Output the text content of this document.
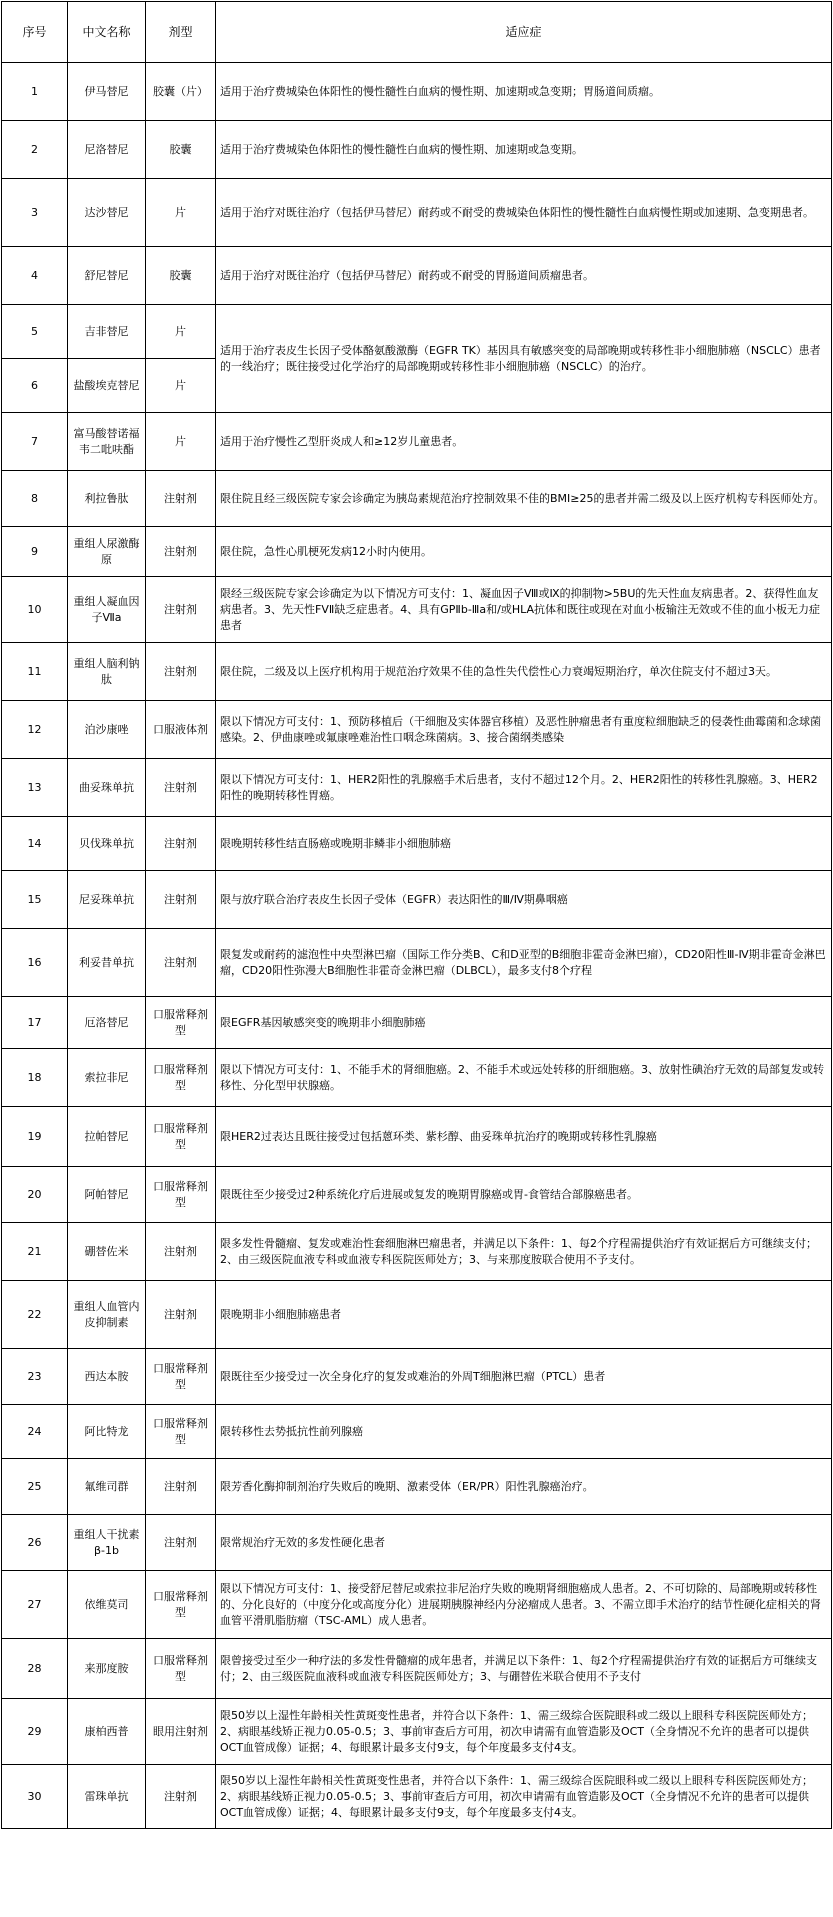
序号	中文名称	剂型	适应症
1	伊马替尼	胶囊（片）	适用于治疗费城染色体阳性的慢性髓性白血病的慢性期、加速期或急变期；胃肠道间质瘤。
2	尼洛替尼	胶囊	适用于治疗费城染色体阳性的慢性髓性白血病的慢性期、加速期或急变期。
3	达沙替尼	片	适用于治疗对既往治疗（包括伊马替尼）耐药或不耐受的费城染色体阳性的慢性髓性白血病慢性期或加速期、急变期患者。
4	舒尼替尼	胶囊	适用于治疗对既往治疗（包括伊马替尼）耐药或不耐受的胃肠道间质瘤患者。
5	吉非替尼	片	适用于治疗表皮生长因子受体酪氨酸激酶（EGFR TK）基因具有敏感突变的局部晚期或转移性非小细胞肺癌（NSCLC）患者的一线治疗；既往接受过化学治疗的局部晚期或转移性非小细胞肺癌（NSCLC）的治疗。
6	盐酸埃克替尼	片	
7	富马酸替诺福韦二吡呋酯	片	适用于治疗慢性乙型肝炎成人和≥12岁儿童患者。
8	利拉鲁肽	注射剂	限住院且经三级医院专家会诊确定为胰岛素规范治疗控制效果不佳的BMI≥25的患者并需二级及以上医疗机构专科医师处方。
9	重组人尿激酶原	注射剂	限住院，急性心肌梗死发病12小时内使用。
10	重组人凝血因子Ⅶa	注射剂	限经三级医院专家会诊确定为以下情况方可支付：1、凝血因子Ⅷ或Ⅸ的抑制物>5BU的先天性血友病患者。2、获得性血友病患者。3、先天性FVⅡ缺乏症患者。4、具有GPⅡb-Ⅲa和/或HLA抗体和既往或现在对血小板输注无效或不佳的血小板无力症患者
11	重组人脑利钠肽	注射剂	限住院，二级及以上医疗机构用于规范治疗效果不佳的急性失代偿性心力衰竭短期治疗，单次住院支付不超过3天。
12	泊沙康唑	口服液体剂	限以下情况方可支付：1、预防移植后（干细胞及实体器官移植）及恶性肿瘤患者有重度粒细胞缺乏的侵袭性曲霉菌和念球菌感染。2、伊曲康唑或氟康唑难治性口咽念珠菌病。3、接合菌纲类感染
13	曲妥珠单抗	注射剂	限以下情况方可支付：1、HER2阳性的乳腺癌手术后患者，支付不超过12个月。2、HER2阳性的转移性乳腺癌。3、HER2阳性的晚期转移性胃癌。
14	贝伐珠单抗	注射剂	限晚期转移性结直肠癌或晚期非鳞非小细胞肺癌
15	尼妥珠单抗	注射剂	限与放疗联合治疗表皮生长因子受体（EGFR）表达阳性的Ⅲ/Ⅳ期鼻咽癌
16	利妥昔单抗	注射剂	限复发或耐药的滤泡性中央型淋巴瘤（国际工作分类B、C和D亚型的B细胞非霍奇金淋巴瘤），CD20阳性Ⅲ-Ⅳ期非霍奇金淋巴瘤，CD20阳性弥漫大B细胞性非霍奇金淋巴瘤（DLBCL），最多支付8个疗程
17	厄洛替尼	口服常释剂型	限EGFR基因敏感突变的晚期非小细胞肺癌
18	索拉非尼	口服常释剂型	限以下情况方可支付：1、不能手术的肾细胞癌。2、不能手术或远处转移的肝细胞癌。3、放射性碘治疗无效的局部复发或转移性、分化型甲状腺癌。
19	拉帕替尼	口服常释剂型	限HER2过表达且既往接受过包括蒽环类、紫杉醇、曲妥珠单抗治疗的晚期或转移性乳腺癌
20	阿帕替尼	口服常释剂型	限既往至少接受过2种系统化疗后进展或复发的晚期胃腺癌或胃-食管结合部腺癌患者。
21	硼替佐米	注射剂	限多发性骨髓瘤、复发或难治性套细胞淋巴瘤患者，并满足以下条件：1、每2个疗程需提供治疗有效证据后方可继续支付；2、由三级医院血液专科或血液专科医院医师处方；3、与来那度胺联合使用不予支付。
22	重组人血管内皮抑制素	注射剂	限晚期非小细胞肺癌患者
23	西达本胺	口服常释剂型	限既往至少接受过一次全身化疗的复发或难治的外周T细胞淋巴瘤（PTCL）患者
24	阿比特龙	口服常释剂型	限转移性去势抵抗性前列腺癌
25	氟维司群	注射剂	限芳香化酶抑制剂治疗失败后的晚期、激素受体（ER/PR）阳性乳腺癌治疗。
26	重组人干扰素β-1b	注射剂	限常规治疗无效的多发性硬化患者
27	依维莫司	口服常释剂型	限以下情况方可支付：1、接受舒尼替尼或索拉非尼治疗失败的晚期肾细胞癌成人患者。2、不可切除的、局部晚期或转移性的、分化良好的（中度分化或高度分化）进展期胰腺神经内分泌瘤成人患者。3、不需立即手术治疗的结节性硬化症相关的肾血管平滑肌脂肪瘤（TSC-AML）成人患者。
28	来那度胺	口服常释剂型	限曾接受过至少一种疗法的多发性骨髓瘤的成年患者，并满足以下条件：1、每2个疗程需提供治疗有效的证据后方可继续支付；2、由三级医院血液科或血液专科医院医师处方；3、与硼替佐米联合使用不予支付
29	康柏西普	眼用注射剂	限50岁以上湿性年龄相关性黄斑变性患者，并符合以下条件：1、需三级综合医院眼科或二级以上眼科专科医院医师处方；2、病眼基线矫正视力0.05-0.5；3、事前审查后方可用，初次申请需有血管造影及OCT（全身情况不允许的患者可以提供OCT血管成像）证据；4、每眼累计最多支付9支，每个年度最多支付4支。
30	雷珠单抗	注射剂	限50岁以上湿性年龄相关性黄斑变性患者，并符合以下条件：1、需三级综合医院眼科或二级以上眼科专科医院医师处方；2、病眼基线矫正视力0.05-0.5；3、事前审查后方可用，初次申请需有血管造影及OCT（全身情况不允许的患者可以提供OCT血管成像）证据；4、每眼累计最多支付9支，每个年度最多支付4支。
